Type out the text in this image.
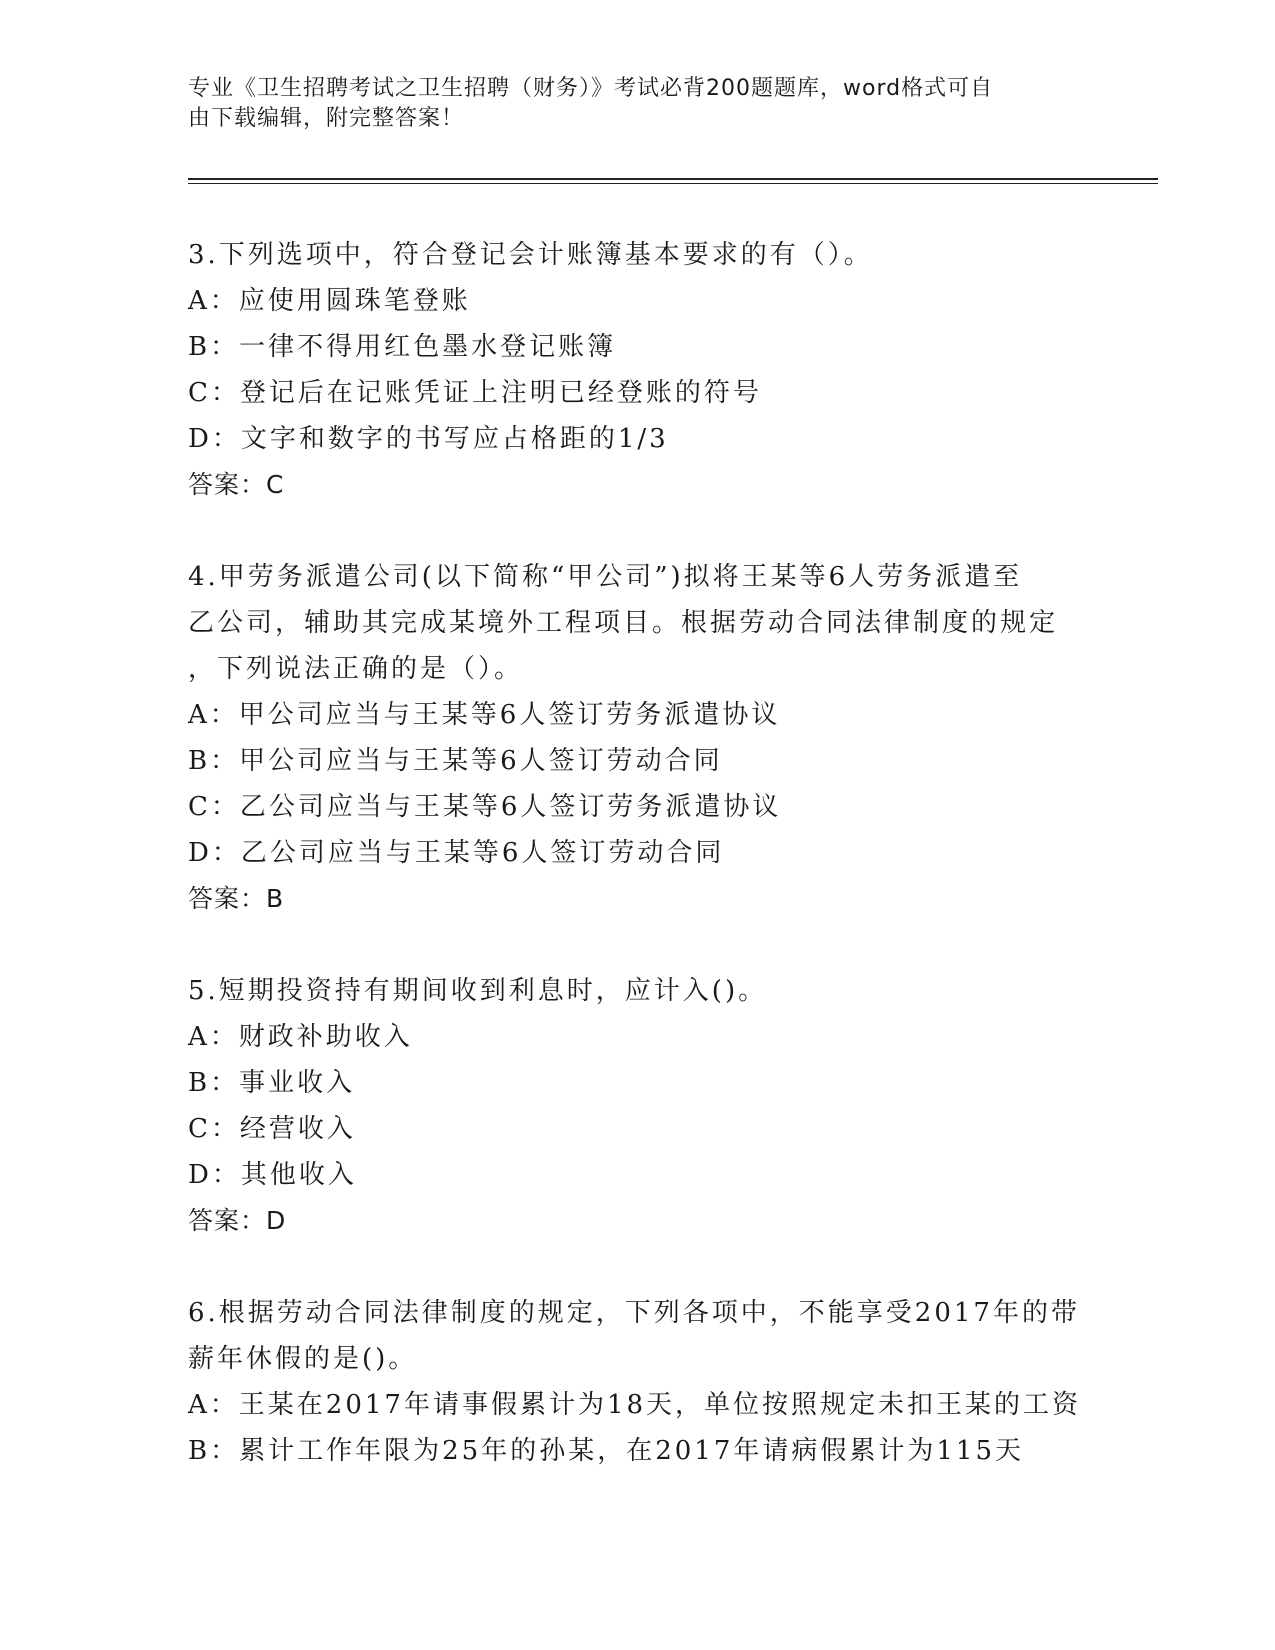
专业《卫生招聘考试之卫生招聘（财务）》考试必背200题题库，word格式可自
由下载编辑，附完整答案！
3.下列选项中，符合登记会计账簿基本要求的有（）。
A：应使用圆珠笔登账
B：一律不得用红色墨水登记账簿
C：登记后在记账凭证上注明已经登账的符号
D：文字和数字的书写应占格距的1/3
答案：C
4.甲劳务派遣公司(以下简称“甲公司”)拟将王某等6人劳务派遣至
乙公司，辅助其完成某境外工程项目。根据劳动合同法律制度的规定
，下列说法正确的是（）。
A：甲公司应当与王某等6人签订劳务派遣协议
B：甲公司应当与王某等6人签订劳动合同
C：乙公司应当与王某等6人签订劳务派遣协议
D：乙公司应当与王某等6人签订劳动合同
答案：B
5.短期投资持有期间收到利息时，应计入()。
A：财政补助收入
B：事业收入
C：经营收入
D：其他收入
答案：D
6.根据劳动合同法律制度的规定，下列各项中，不能享受2017年的带
薪年休假的是()。
A：王某在2017年请事假累计为18天，单位按照规定未扣王某的工资
B：累计工作年限为25年的孙某，在2017年请病假累计为115天
